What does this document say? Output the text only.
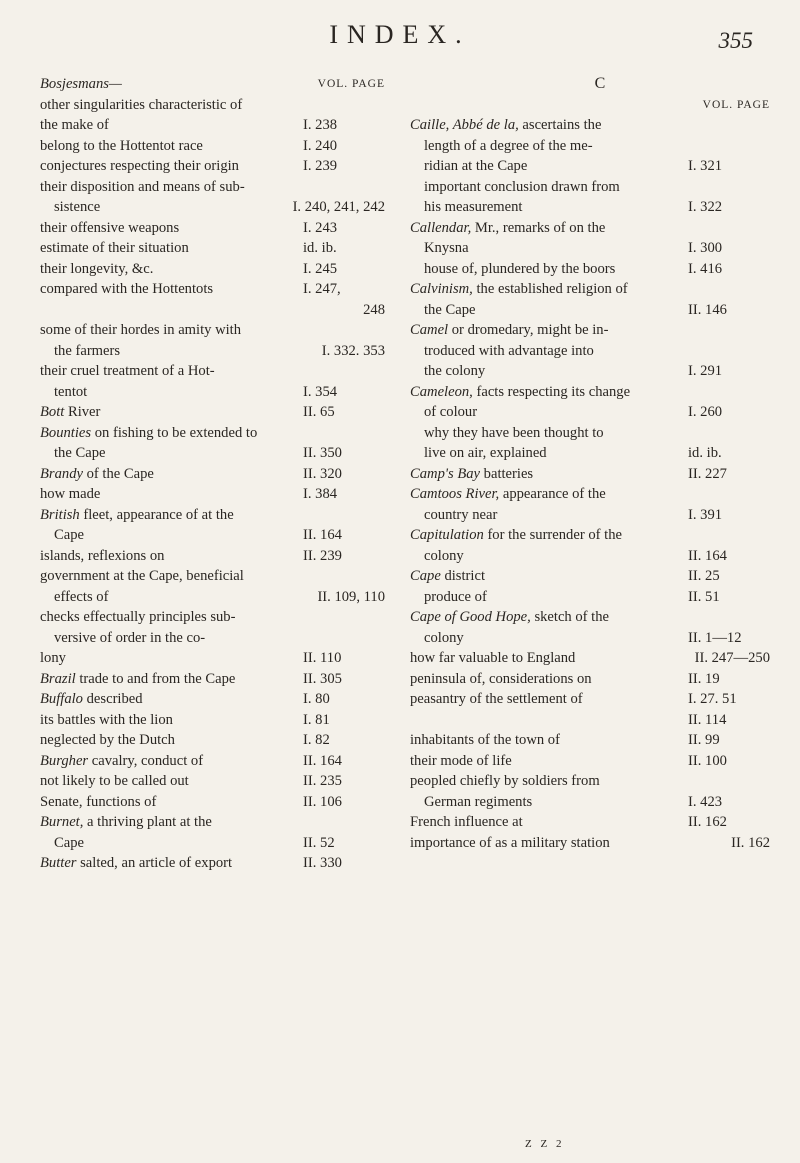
INDEX.	355
Bosjesmans—	VOL. PAGE
other singularities characteristic of
the make of	I. 238
belong to the Hottentot race	I. 240
conjectures respecting their origin	I. 239
their disposition and means of sub-
sistence	I. 240, 241, 242
their offensive weapons	I. 243
estimate of their situation	id. ib.
their longevity, &c.	I. 245
compared with the Hottentots	I. 247,
248
some of their hordes in amity with
the farmers	I. 332. 353
their cruel treatment of a Hot-
tentot	I. 354
Bott River	II. 65
Bounties on fishing to be extended to
the Cape	II. 350
Brandy of the Cape	II. 320
how made	I. 384
British fleet, appearance of at the
Cape	II. 164
islands, reflexions on	II. 239
government at the Cape, beneficial
effects of	II. 109, 110
checks effectually principles sub-
versive of order in the co-
lony	II. 110
Brazil trade to and from the Cape	II. 305
Buffalo described	I. 80
its battles with the lion	I. 81
neglected by the Dutch	I. 82
Burgher cavalry, conduct of	II. 164
not likely to be called out	II. 235
Senate, functions of	II. 106
Burnet, a thriving plant at the
Cape	II. 52
Butter salted, an article of export	II. 330
C
VOL. PAGE
Caille, Abbé de la, ascertains the
length of a degree of the me-
ridian at the Cape	I. 321
important conclusion drawn from
his measurement	I. 322
Callendar, Mr., remarks of on the
Knysna	I. 300
house of, plundered by the boors	I. 416
Calvinism, the established religion of
the Cape	II. 146
Camel or dromedary, might be in-
troduced with advantage into
the colony	I. 291
Cameleon, facts respecting its change
of colour	I. 260
why they have been thought to
live on air, explained	id. ib.
Camp's Bay batteries	II. 227
Camtoos River, appearance of the
country near	I. 391
Capitulation for the surrender of the
colony	II. 164
Cape district	II. 25
produce of	II. 51
Cape of Good Hope, sketch of the
colony	II. 1—12
how far valuable to England	II. 247—250
peninsula of, considerations on	II. 19
peasantry of the settlement of	I. 27. 51
II. 114
inhabitants of the town of	II. 99
their mode of life	II. 100
peopled chiefly by soldiers from
German regiments	I. 423
French influence at	II. 162
importance of as a military station	II. 162
Z Z 2
